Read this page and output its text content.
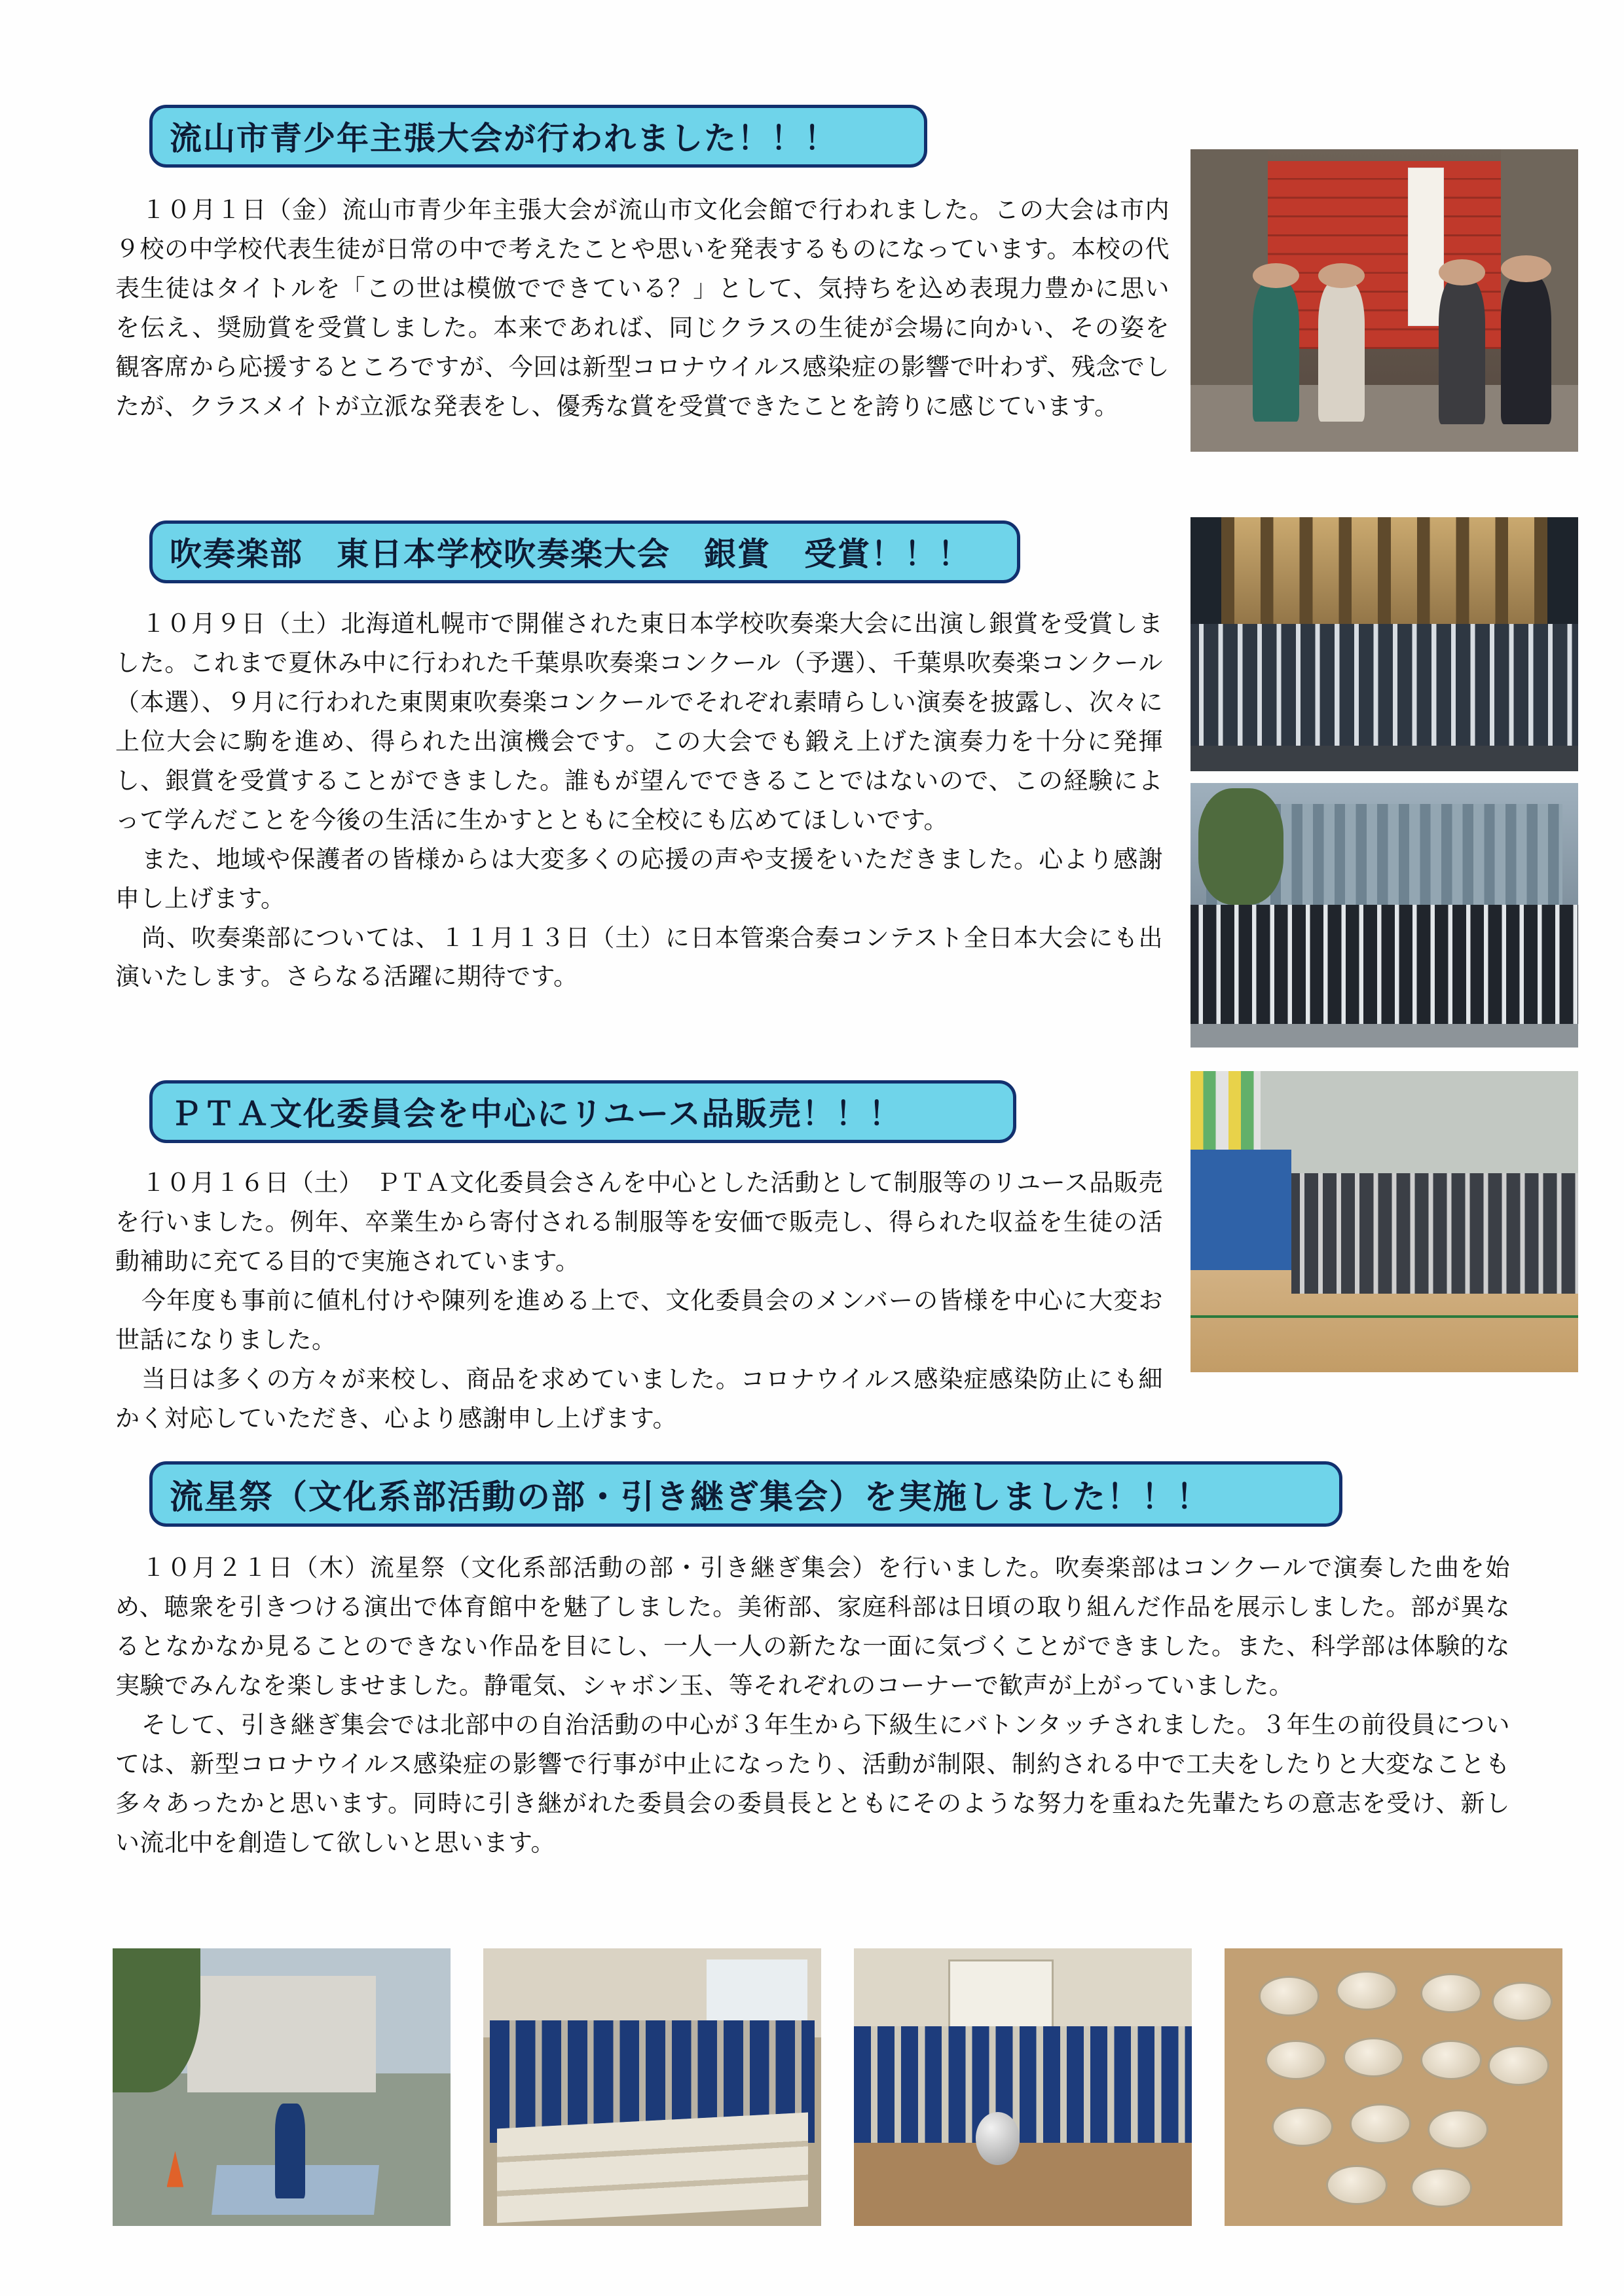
流山市青少年主張大会が行われました！！！

１０月１日（金）流山市青少年主張大会が流山市文化会館で行われました。この大会は市内９校の中学校代表生徒が日常の中で考えたことや思いを発表するものになっています。本校の代表生徒はタイトルを「この世は模倣でできている？」として、気持ちを込め表現力豊かに思いを伝え、奨励賞を受賞しました。本来であれば、同じクラスの生徒が会場に向かい、その姿を観客席から応援するところですが、今回は新型コロナウイルス感染症の影響で叶わず、残念でしたが、クラスメイトが立派な発表をし、優秀な賞を受賞できたことを誇りに感じています。

吹奏楽部　東日本学校吹奏楽大会　銀賞　受賞！！！

１０月９日（土）北海道札幌市で開催された東日本学校吹奏楽大会に出演し銀賞を受賞しました。これまで夏休み中に行われた千葉県吹奏楽コンクール（予選）、千葉県吹奏楽コンクール（本選）、９月に行われた東関東吹奏楽コンクールでそれぞれ素晴らしい演奏を披露し、次々に上位大会に駒を進め、得られた出演機会です。この大会でも鍛え上げた演奏力を十分に発揮し、銀賞を受賞することができました。誰もが望んでできることではないので、この経験によって学んだことを今後の生活に生かすとともに全校にも広めてほしいです。

また、地域や保護者の皆様からは大変多くの応援の声や支援をいただきました。心より感謝申し上げます。

尚、吹奏楽部については、１１月１３日（土）に日本管楽合奏コンテスト全日本大会にも出演いたします。さらなる活躍に期待です。

ＰＴＡ文化委員会を中心にリユース品販売！！！

１０月１６日（土）　ＰＴＡ文化委員会さんを中心とした活動として制服等のリユース品販売を行いました。例年、卒業生から寄付される制服等を安価で販売し、得られた収益を生徒の活動補助に充てる目的で実施されています。

今年度も事前に値札付けや陳列を進める上で、文化委員会のメンバーの皆様を中心に大変お世話になりました。

当日は多くの方々が来校し、商品を求めていました。コロナウイルス感染症感染防止にも細かく対応していただき、心より感謝申し上げます。

流星祭（文化系部活動の部・引き継ぎ集会）を実施しました！！！

１０月２１日（木）流星祭（文化系部活動の部・引き継ぎ集会）を行いました。吹奏楽部はコンクールで演奏した曲を始め、聴衆を引きつける演出で体育館中を魅了しました。美術部、家庭科部は日頃の取り組んだ作品を展示しました。部が異なるとなかなか見ることのできない作品を目にし、一人一人の新たな一面に気づくことができました。また、科学部は体験的な実験でみんなを楽しませました。静電気、シャボン玉、等それぞれのコーナーで歓声が上がっていました。

そして、引き継ぎ集会では北部中の自治活動の中心が３年生から下級生にバトンタッチされました。３年生の前役員については、新型コロナウイルス感染症の影響で行事が中止になったり、活動が制限、制約される中で工夫をしたりと大変なことも多々あったかと思います。同時に引き継がれた委員会の委員長とともにそのような努力を重ねた先輩たちの意志を受け、新しい流北中を創造して欲しいと思います。
